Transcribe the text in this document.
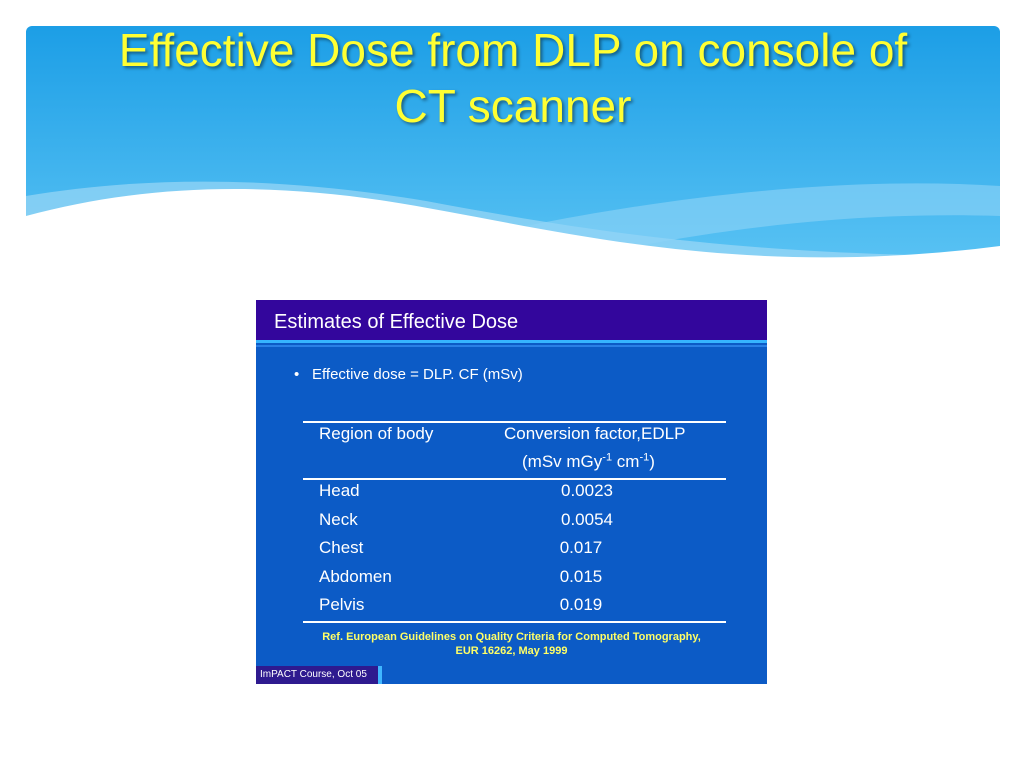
Effective Dose from DLP on console of
CT scanner
Estimates of Effective Dose
• Effective dose = DLP. CF (mSv)
Region of body	Conversion factor,EDLP
(mSv mGy$^{-1}$ $cm^{-1}$)
Head	0.0023
Neck	0.0054
Chest	0.017
Abdomen	0.015
Pelvis	0.019
Ref. European Guidelines on Quality Criteria for Computed Tomography,
EUR 16262, May 1999
ImPACT Course, Oct 05
